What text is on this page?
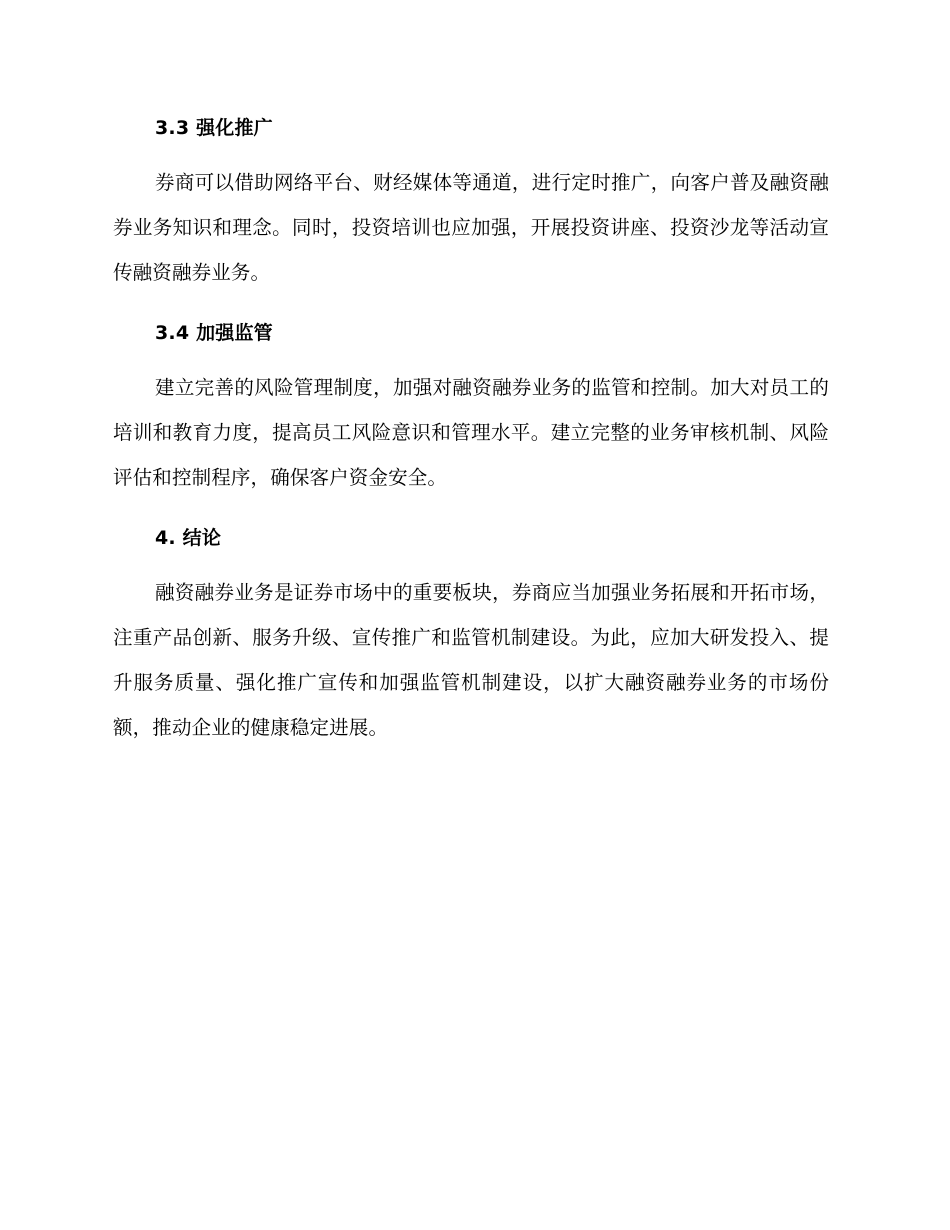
3.3 强化推广

券商可以借助网络平台、财经媒体等通道，进行定时推广，向客户普及融资融券业务知识和理念。同时，投资培训也应加强，开展投资讲座、投资沙龙等活动宣传融资融券业务。

3.4 加强监管

建立完善的风险管理制度，加强对融资融券业务的监管和控制。加大对员工的培训和教育力度，提高员工风险意识和管理水平。建立完整的业务审核机制、风险评估和控制程序，确保客户资金安全。

4. 结论

融资融券业务是证券市场中的重要板块，券商应当加强业务拓展和开拓市场，注重产品创新、服务升级、宣传推广和监管机制建设。为此，应加大研发投入、提升服务质量、强化推广宣传和加强监管机制建设，以扩大融资融券业务的市场份额，推动企业的健康稳定进展。
